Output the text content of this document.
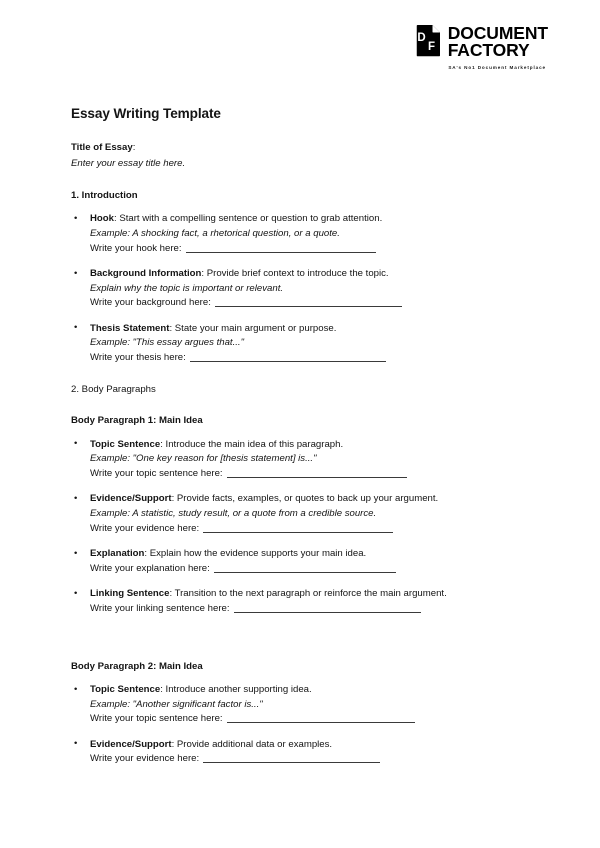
D
F
DOCUMENT
FACTORY
SA's No1 Document Marketplace
Essay Writing Template

Title of Essay:

Enter your essay title here.

1. Introduction

• Hook: Start with a compelling sentence or question to grab attention.

Example: A shocking fact, a rhetorical question, or a quote.

Write your hook here:

• Background Information: Provide brief context to introduce the topic.

Explain why the topic is important or relevant.

Write your background here:

• Thesis Statement: State your main argument or purpose.

Example: "This essay argues that..."

Write your thesis here:

2. Body Paragraphs
Body Paragraph 1: Main Idea

• Topic Sentence: Introduce the main idea of this paragraph.

Example: "One key reason for [thesis statement] is..."

Write your topic sentence here:

• Evidence/Support: Provide facts, examples, or quotes to back up your argument.

Example: A statistic, study result, or a quote from a credible source.

Write your evidence here:

• Explanation: Explain how the evidence supports your main idea.

Write your explanation here:

• Linking Sentence: Transition to the next paragraph or reinforce the main argument.

Write your linking sentence here:

Body Paragraph 2: Main Idea

• Topic Sentence: Introduce another supporting idea.

Example: "Another significant factor is..."

Write your topic sentence here:

• Evidence/Support: Provide additional data or examples.

Write your evidence here:
